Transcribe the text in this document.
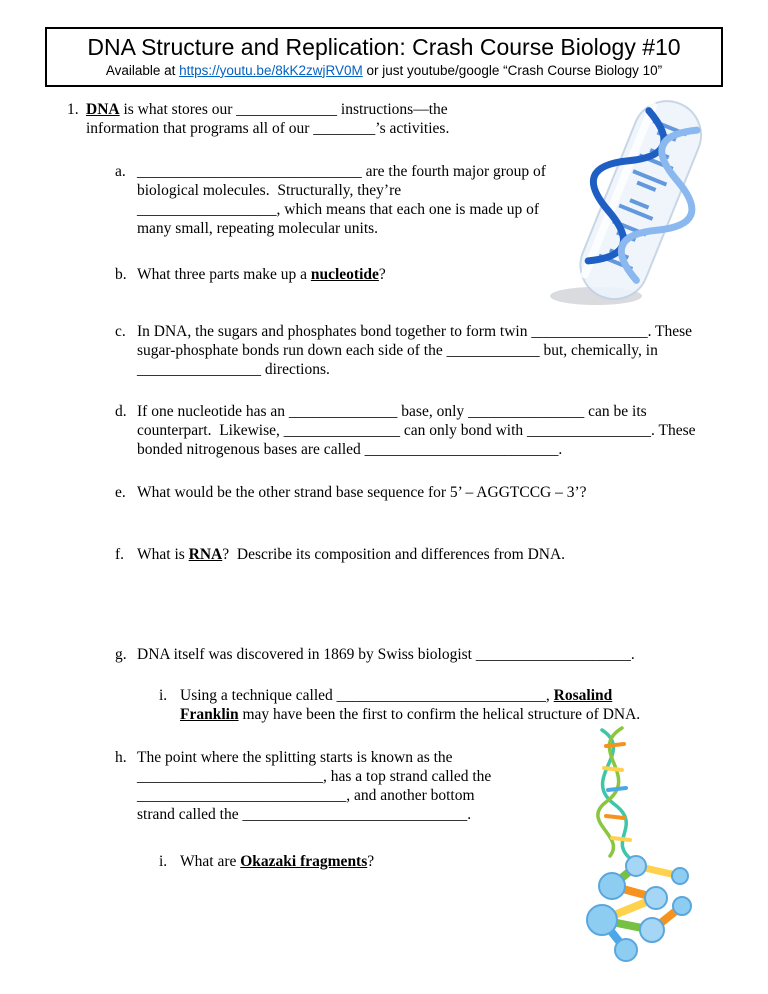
DNA Structure and Replication: Crash Course Biology #10
Available at https://youtu.be/8kK2zwjRV0M or just youtube/google “Crash Course Biology 10”
1. DNA is what stores our _____________ instructions—the information that programs all of our ________’s activities.
a. _____________________________ are the fourth major group of biological molecules.  Structurally, they’re __________________, which means that each one is made up of many small, repeating molecular units.
b. What three parts make up a nucleotide?
c. In DNA, the sugars and phosphates bond together to form twin _______________. These sugar-phosphate bonds run down each side of the ____________ but, chemically, in ________________ directions.
d. If one nucleotide has an ______________ base, only _______________ can be its counterpart.  Likewise, _______________ can only bond with ________________. These bonded nitrogenous bases are called _________________________.
e. What would be the other strand base sequence for 5’ – AGGTCCG – 3’?
f. What is RNA?  Describe its composition and differences from DNA.
g. DNA itself was discovered in 1869 by Swiss biologist ____________________.
i. Using a technique called ___________________________, Rosalind Franklin may have been the first to confirm the helical structure of DNA.
h. The point where the splitting starts is known as the ________________________, has a top strand called the ___________________________, and another bottom strand called the _____________________________.
i. What are Okazaki fragments?
